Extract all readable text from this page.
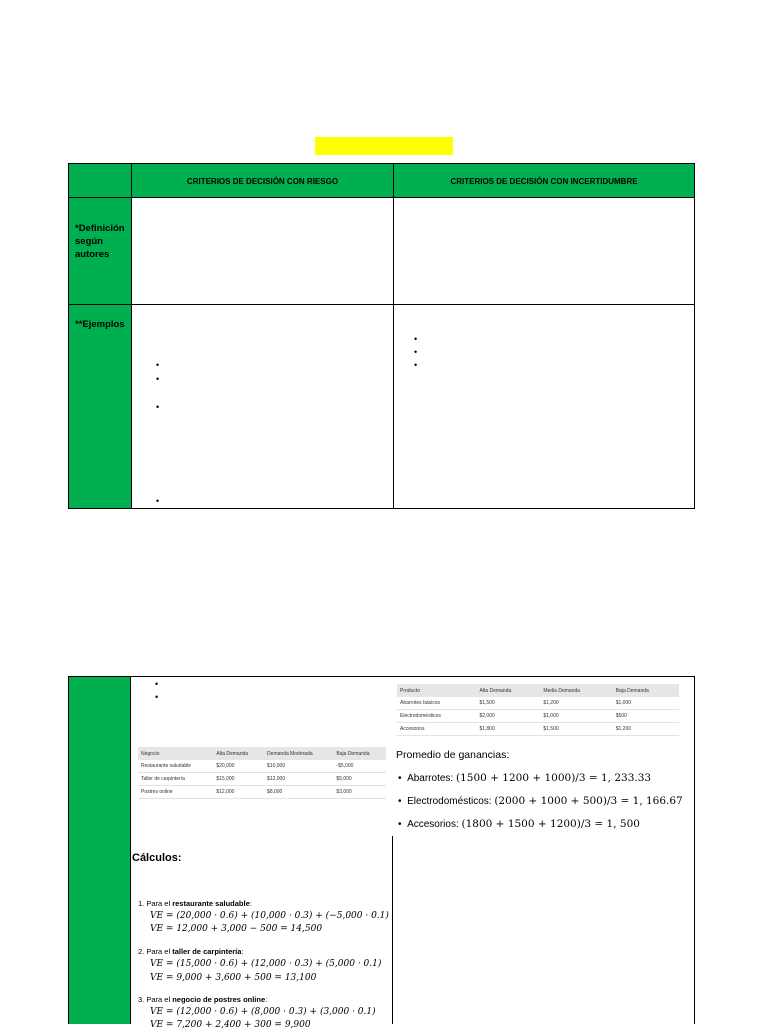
CRITERIOS DE DECISIÓN CON RIESGO	CRITERIOS DE DECISIÓN CON INCERTIDUMBRE
*Definición según autores
**Ejemplos
•
•
•
•
•
•
•
•
•
Negocio	Alta Demanda	Demanda Moderada	Baja Demanda
Restaurante saludable	$20,000	$10,000	-$5,000
Taller de carpintería	$15,000	$12,000	$5,000
Postres online	$12,000	$8,000	$3,000
Producto	Alta Demanda	Media Demanda	Baja Demanda
Abarrotes básicos	$1,500	$1,200	$1,000
Electrodomésticos	$2,000	$1,000	$500
Accesorios	$1,800	$1,500	$1,200
Promedio de ganancias:
•  Abarrotes: (1500 + 1200 + 1000)/3 = 1, 233.33
•  Electrodomésticos: (2000 + 1000 + 500)/3 = 1, 166.67
•  Accesorios: (1800 + 1500 + 1200)/3 = 1, 500
Cálculos:
1. Para el restaurante saludable:
VE = (20,000 · 0.6) + (10,000 · 0.3) + (−5,000 · 0.1)
VE = 12,000 + 3,000 − 500 = 14,500
2. Para el taller de carpintería:
VE = (15,000 · 0.6) + (12,000 · 0.3) + (5,000 · 0.1)
VE = 9,000 + 3,600 + 500 = 13,100
3. Para el negocio de postres online:
VE = (12,000 · 0.6) + (8,000 · 0.3) + (3,000 · 0.1)
VE = 7,200 + 2,400 + 300 = 9,900
